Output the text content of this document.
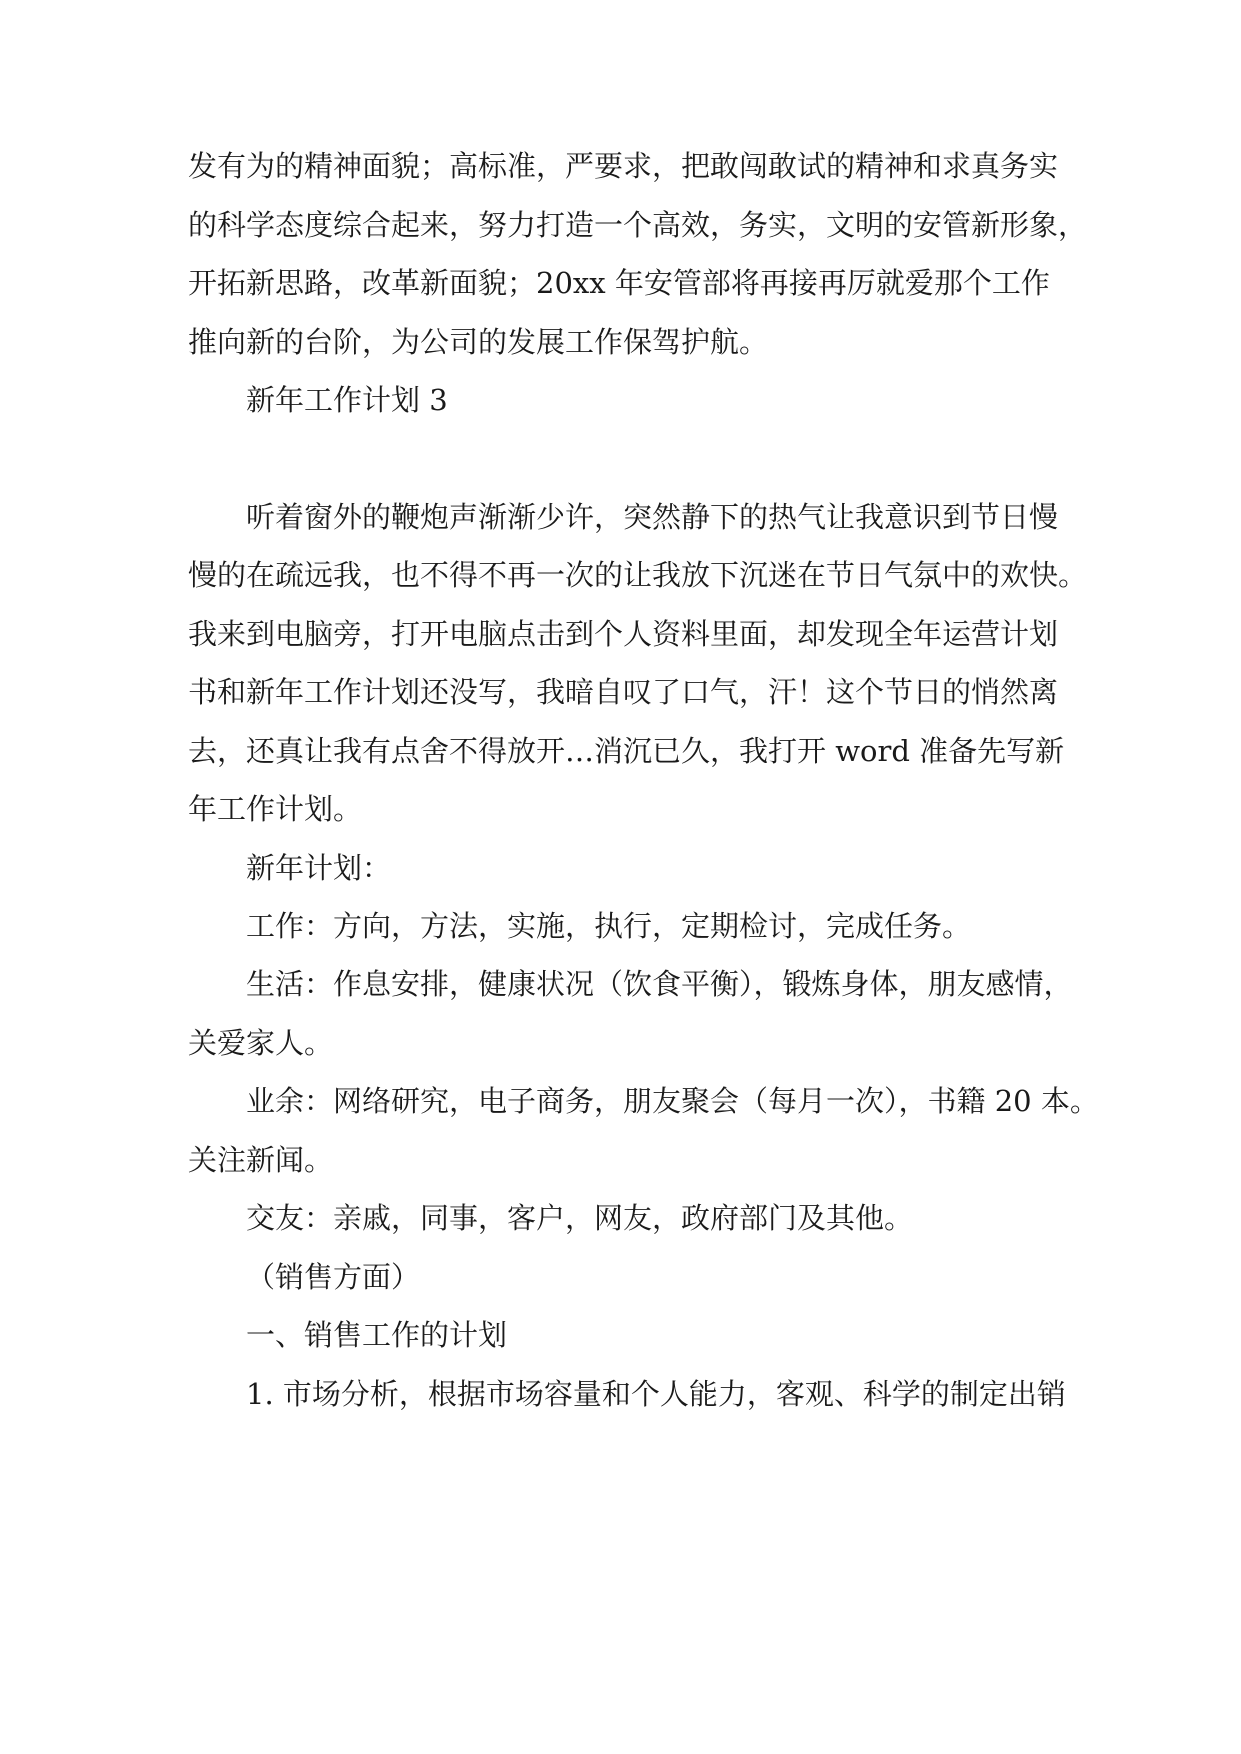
发有为的精神面貌；高标准，严要求，把敢闯敢试的精神和求真务实
的科学态度综合起来，努力打造一个高效，务实，文明的安管新形象，
开拓新思路，改革新面貌；20xx 年安管部将再接再厉就爱那个工作
推向新的台阶，为公司的发展工作保驾护航。
新年工作计划 3
听着窗外的鞭炮声渐渐少许，突然静下的热气让我意识到节日慢
慢的在疏远我，也不得不再一次的让我放下沉迷在节日气氛中的欢快。
我来到电脑旁，打开电脑点击到个人资料里面，却发现全年运营计划
书和新年工作计划还没写，我暗自叹了口气，汗！这个节日的悄然离
去，还真让我有点舍不得放开…消沉已久，我打开 word 准备先写新
年工作计划。
新年计划：
工作：方向，方法，实施，执行，定期检讨，完成任务。
生活：作息安排，健康状况（饮食平衡），锻炼身体，朋友感情，
关爱家人。
业余：网络研究，电子商务，朋友聚会（每月一次），书籍 20 本。
关注新闻。
交友：亲戚，同事，客户，网友，政府部门及其他。
（销售方面）
一、销售工作的计划
1. 市场分析，根据市场容量和个人能力，客观、科学的制定出销
